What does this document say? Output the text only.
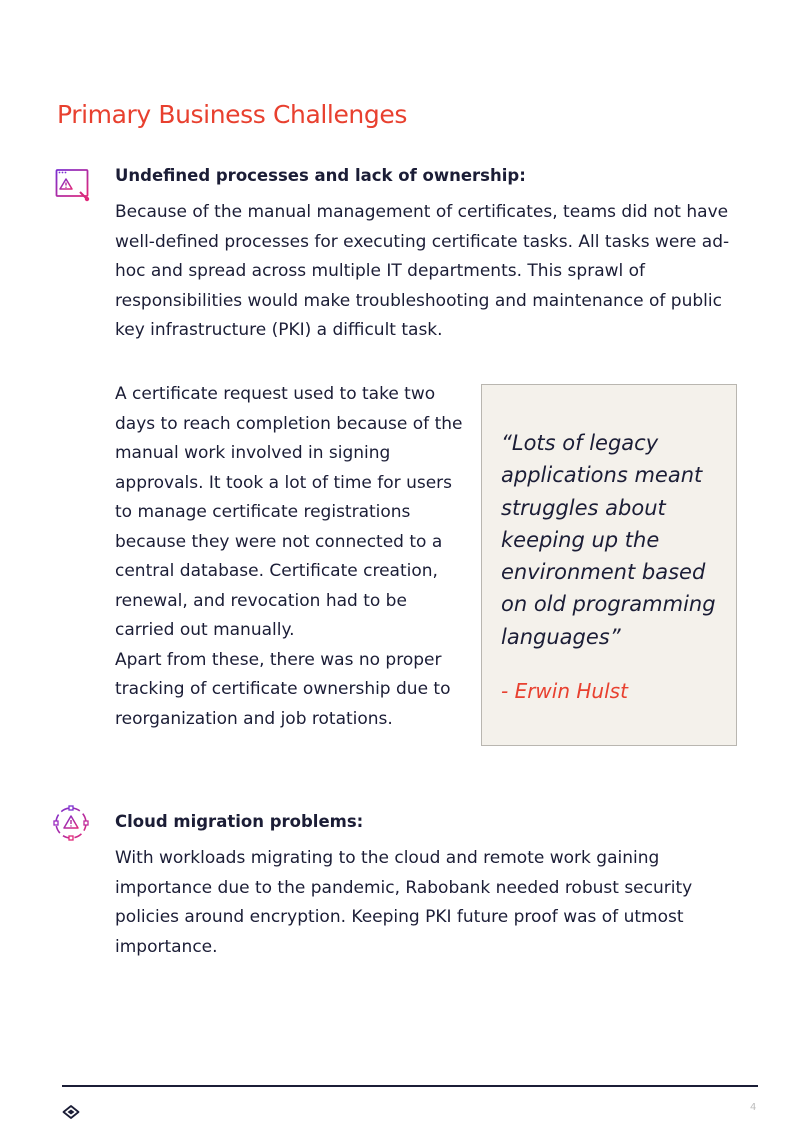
Primary Business Challenges
Undefined processes and lack of ownership:

Because of the manual management of certificates, teams did not have well-defined processes for executing certificate tasks. All tasks were ad-hoc and spread across multiple IT departments. This sprawl of responsibilities would make troubleshooting and maintenance of public key infrastructure (PKI) a difficult task.

A certificate request used to take two days to reach completion because of the manual work involved in signing approvals. It took a lot of time for users to manage certificate registrations because they were not connected to a central database. Certificate creation, renewal, and revocation had to be carried out manually.
Apart from these, there was no proper tracking of certificate ownership due to reorganization and job rotations.

“Lots of legacy applications meant struggles about keeping up the environment based on old programming languages”

- Erwin Hulst

Cloud migration problems:

With workloads migrating to the cloud and remote work gaining importance due to the pandemic, Rabobank needed robust security policies around encryption. Keeping PKI future proof was of utmost importance.

4
